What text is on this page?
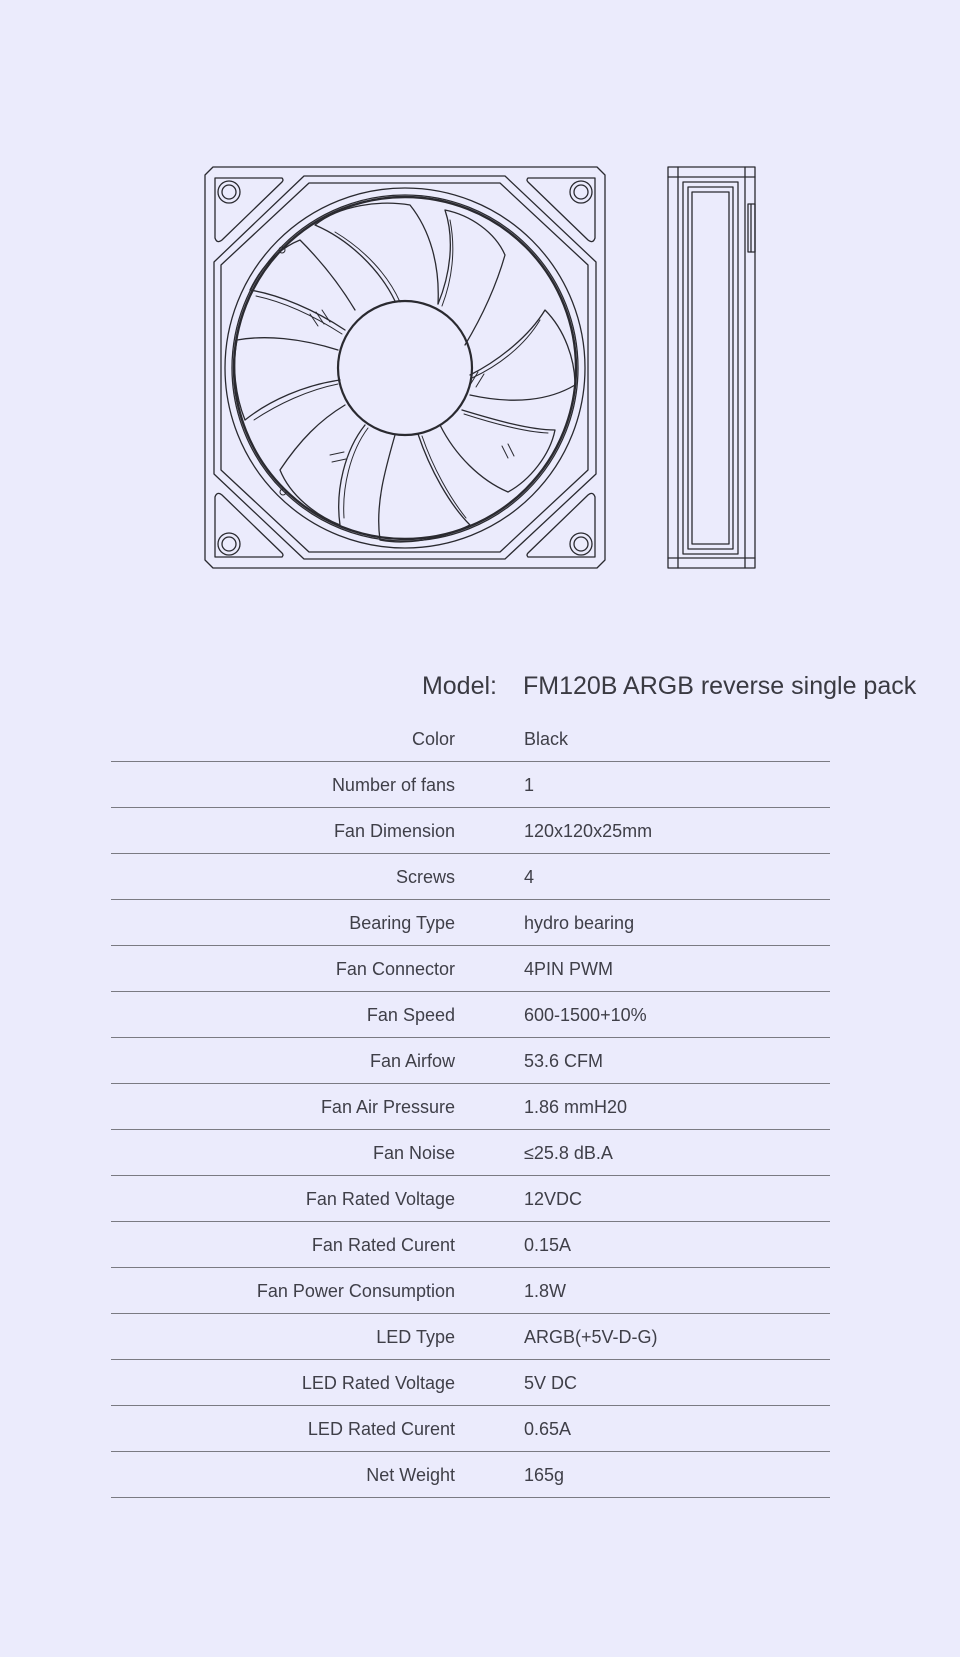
Model: FM120B ARGB reverse single pack
Color	Black
Number of fans	1
Fan Dimension	120x120x25mm
Screws	4
Bearing Type	hydro bearing
Fan Connector	4PIN PWM
Fan Speed	600-1500+10%
Fan Airfow	53.6 CFM
Fan Air Pressure	1.86 mmH20
Fan Noise	≤25.8 dB.A
Fan Rated Voltage	12VDC
Fan Rated Curent	0.15A
Fan Power Consumption	1.8W
LED Type	ARGB(+5V-D-G)
LED Rated Voltage	5V DC
LED Rated Curent	0.65A
Net Weight	165g
